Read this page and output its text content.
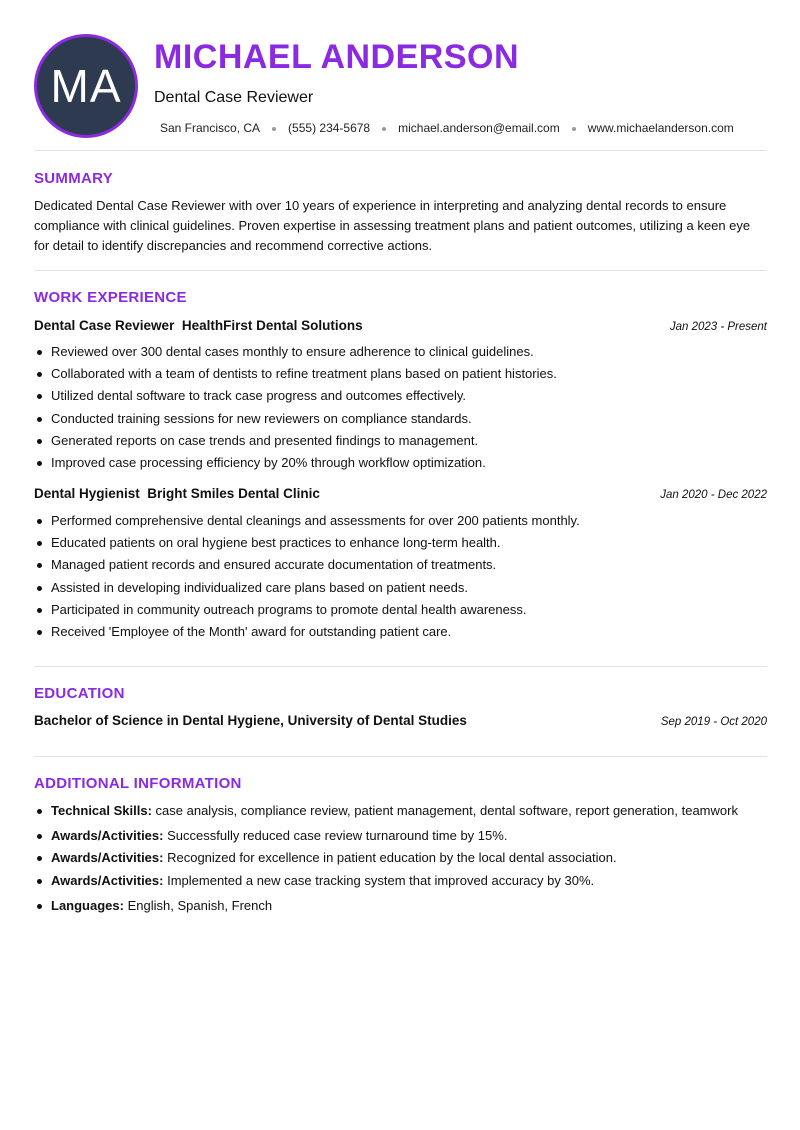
MA
MICHAEL ANDERSON
Dental Case Reviewer
San Francisco, CA (555) 234-5678 michael.anderson@email.com www.michaelanderson.com
SUMMARY
Dedicated Dental Case Reviewer with over 10 years of experience in interpreting and analyzing dental records to ensure compliance with clinical guidelines. Proven expertise in assessing treatment plans and patient outcomes, utilizing a keen eye for detail to identify discrepancies and recommend corrective actions.
WORK EXPERIENCE
Dental Case Reviewer HealthFirst Dental Solutions	Jan 2023 - Present
Reviewed over 300 dental cases monthly to ensure adherence to clinical guidelines.
Collaborated with a team of dentists to refine treatment plans based on patient histories.
Utilized dental software to track case progress and outcomes effectively.
Conducted training sessions for new reviewers on compliance standards.
Generated reports on case trends and presented findings to management.
Improved case processing efficiency by 20% through workflow optimization.
Dental Hygienist Bright Smiles Dental Clinic	Jan 2020 - Dec 2022
Performed comprehensive dental cleanings and assessments for over 200 patients monthly.
Educated patients on oral hygiene best practices to enhance long-term health.
Managed patient records and ensured accurate documentation of treatments.
Assisted in developing individualized care plans based on patient needs.
Participated in community outreach programs to promote dental health awareness.
Received 'Employee of the Month' award for outstanding patient care.
EDUCATION
Bachelor of Science in Dental Hygiene, University of Dental Studies	Sep 2019 - Oct 2020
ADDITIONAL INFORMATION
Technical Skills: case analysis, compliance review, patient management, dental software, report generation, teamwork
Awards/Activities: Successfully reduced case review turnaround time by 15%.
Awards/Activities: Recognized for excellence in patient education by the local dental association.
Awards/Activities: Implemented a new case tracking system that improved accuracy by 30%.
Languages: English, Spanish, French
